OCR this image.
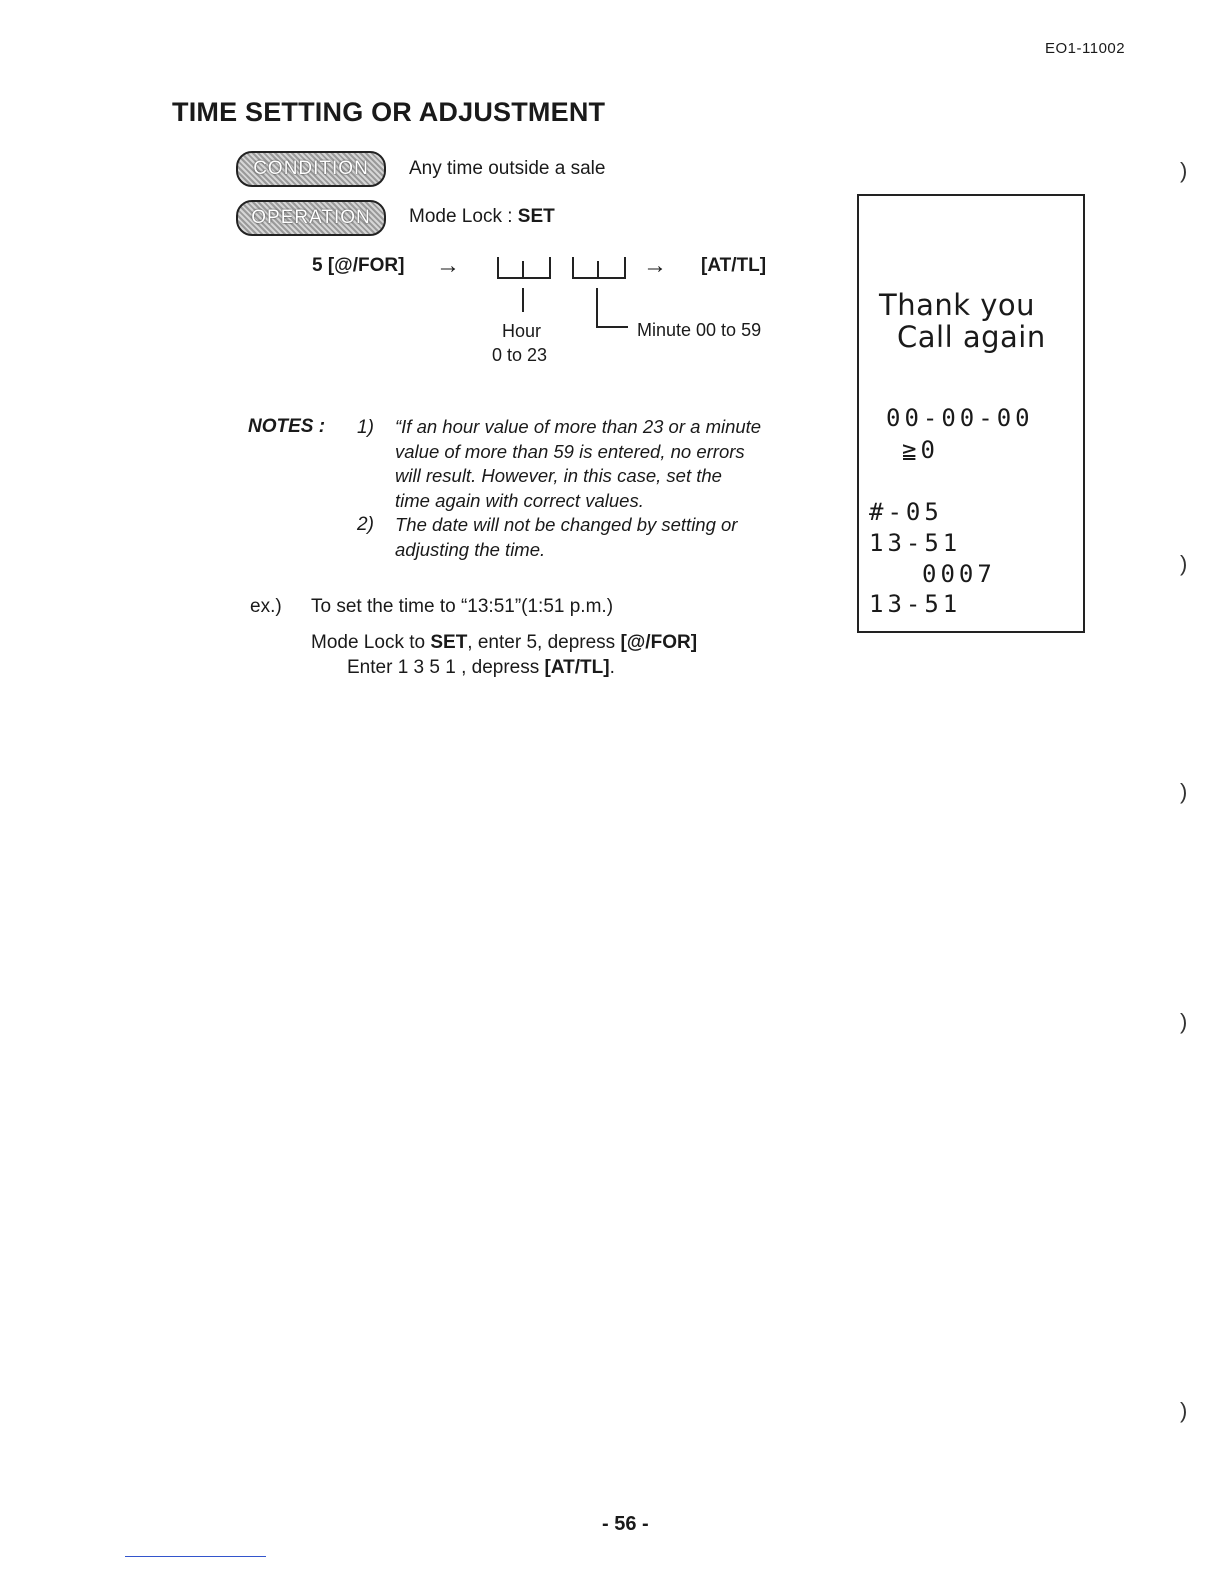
EO1-11002
TIME SETTING OR ADJUSTMENT
CONDITION	Any time outside a sale
OPERATION	Mode Lock : SET
5 [@/FOR] →	→ [AT/TL]
Hour
0 to 23
Minute 00 to 59
NOTES : 1) “If an hour value of more than 23 or a minute
value of more than 59 is entered, no errors
will result. However, in this case, set the
time again with correct values.
2) The date will not be changed by setting or
adjusting the time.
ex.) To set the time to “13:51”(1:51 p.m.)
Mode Lock to SET, enter 5, depress [@/FOR]
Enter 1 3 5 1 , depress [AT/TL].
Thank you
Call again
00-00-00
≧0
#-05
13-51
0007
13-51
)
)
)
)
)
- 56 -
